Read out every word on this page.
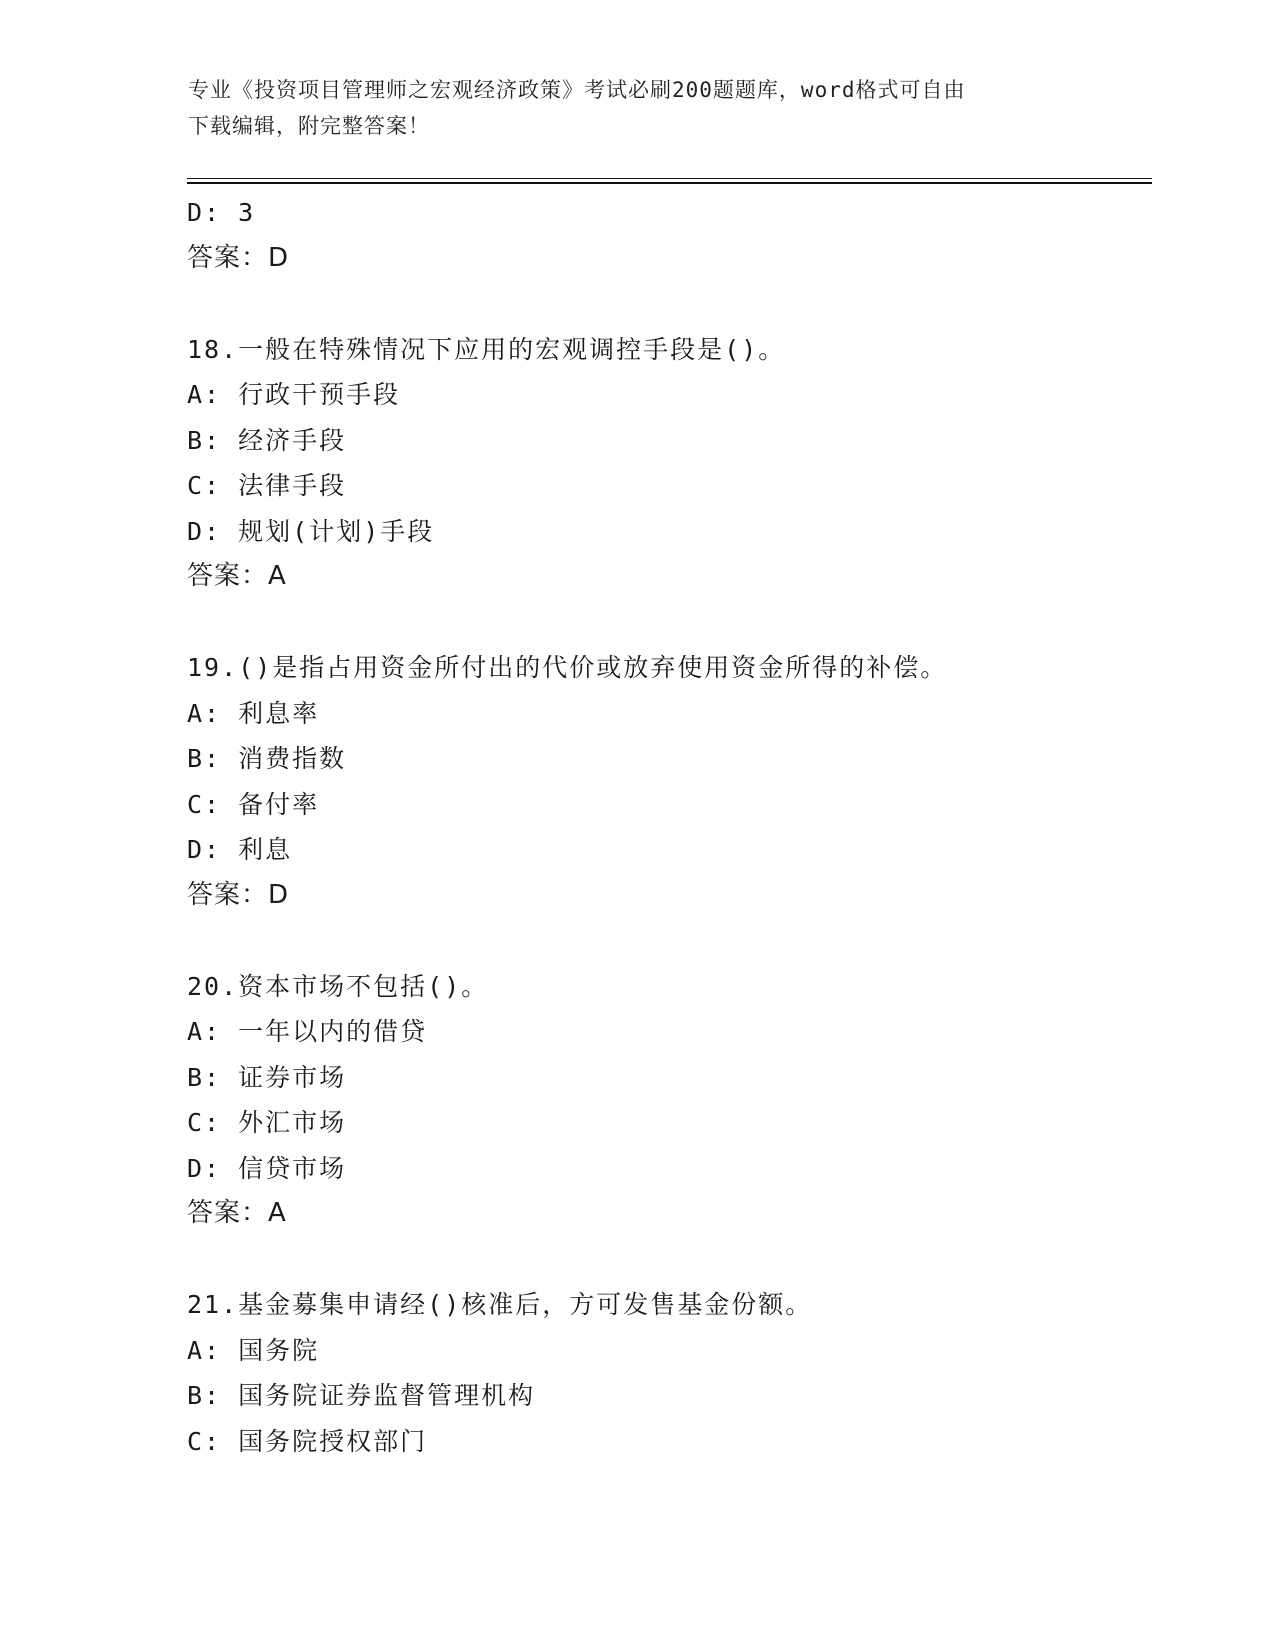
专业《投资项目管理师之宏观经济政策》考试必刷200题题库，word格式可自由
下载编辑，附完整答案！
D: 3
答案：D
18.一般在特殊情况下应用的宏观调控手段是()。
A: 行政干预手段
B: 经济手段
C: 法律手段
D: 规划(计划)手段
答案：A
19.()是指占用资金所付出的代价或放弃使用资金所得的补偿。
A: 利息率
B: 消费指数
C: 备付率
D: 利息
答案：D
20.资本市场不包括()。
A: 一年以内的借贷
B: 证券市场
C: 外汇市场
D: 信贷市场
答案：A
21.基金募集申请经()核准后，方可发售基金份额。
A: 国务院
B: 国务院证券监督管理机构
C: 国务院授权部门
